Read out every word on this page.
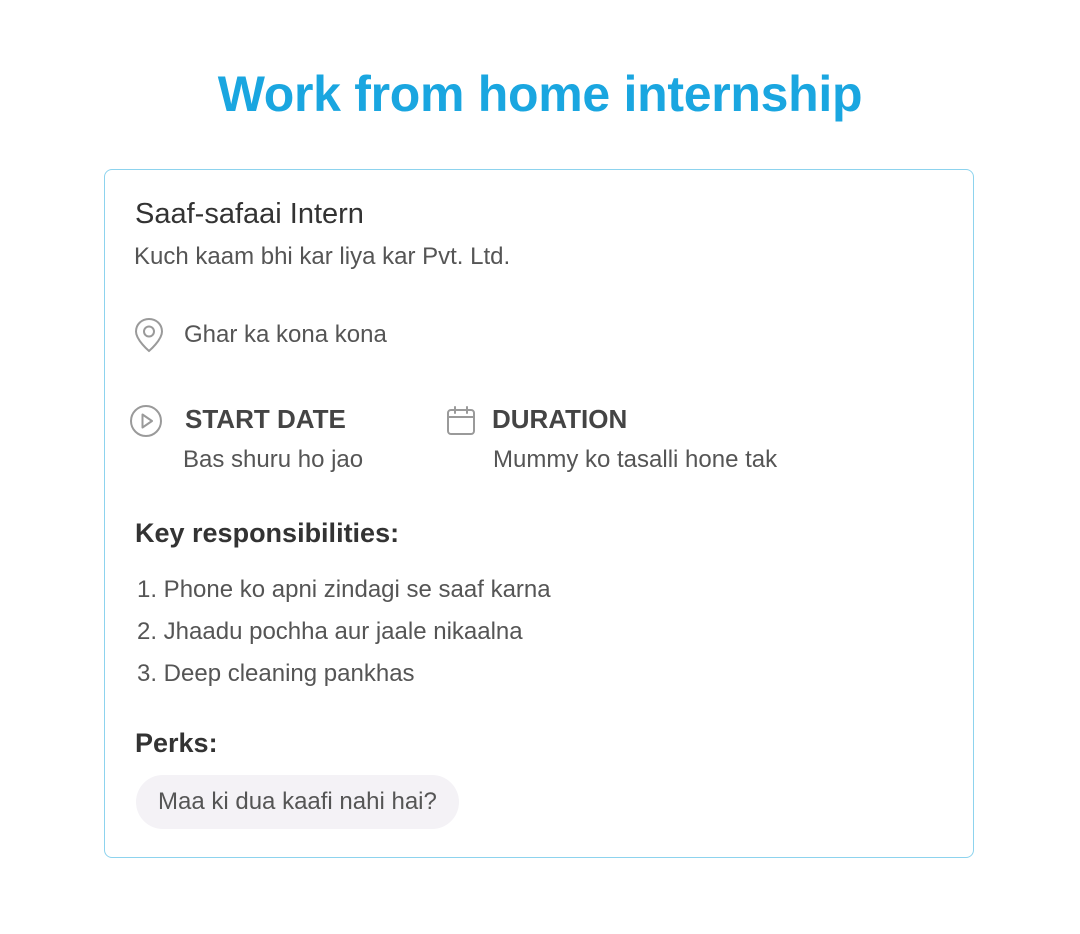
Work from home internship
Saaf-safaai Intern
Kuch kaam bhi kar liya kar Pvt. Ltd.
Ghar ka kona kona
START DATE
Bas shuru ho jao
DURATION
Mummy ko tasalli hone tak
Key responsibilities:
1. Phone ko apni zindagi se saaf karna
2. Jhaadu pochha aur jaale nikaalna
3. Deep cleaning pankhas
Perks:
Maa ki dua kaafi nahi hai?
